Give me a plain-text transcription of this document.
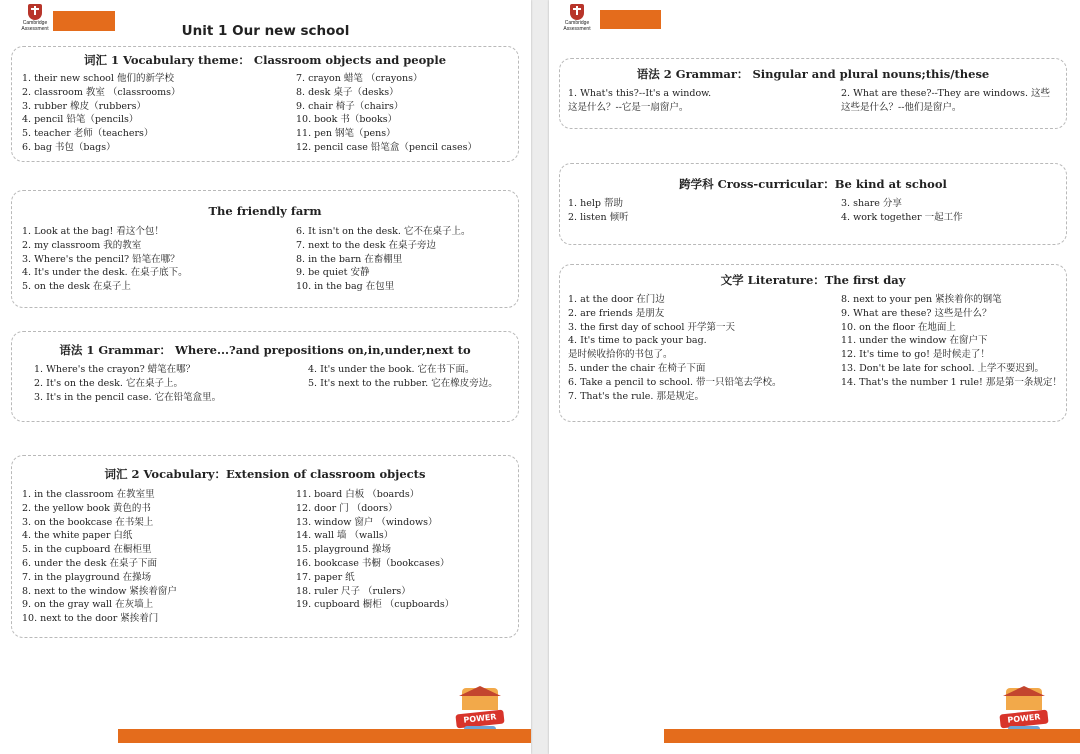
Cambridge
Assessment	Unit 1 Our new school
词汇 1 Vocabulary theme： Classroom objects and people
1. their new school 他们的新学校
2. classroom 教室 （classrooms）
3. rubber 橡皮（rubbers）
4. pencil 铅笔（pencils）
5. teacher 老师（teachers）
6. bag 书包（bags）
7. crayon 蜡笔 （crayons）
8. desk 桌子（desks）
9. chair 椅子（chairs）
10. book 书（books）
11. pen 钢笔（pens）
12. pencil case 铅笔盒（pencil cases）
The friendly farm
1. Look at the bag! 看这个包！
2. my classroom 我的教室
3. Where's the pencil? 铅笔在哪？
4. It's under the desk. 在桌子底下。
5. on the desk 在桌子上
6. It isn't on the desk. 它不在桌子上。
7. next to the desk 在桌子旁边
8. in the barn 在畜棚里
9. be quiet 安静
10. in the bag 在包里
语法 1 Grammar： Where...?and prepositions on,in,under,next to
1. Where's the crayon? 蜡笔在哪？
2. It's on the desk. 它在桌子上。
3. It's in the pencil case. 它在铅笔盒里。
4. It's under the book. 它在书下面。
5. It's next to the rubber. 它在橡皮旁边。
词汇 2 Vocabulary：Extension of classroom objects
1. in the classroom 在教室里
2. the yellow book 黄色的书
3. on the bookcase 在书架上
4. the white paper 白纸
5. in the cupboard 在橱柜里
6. under the desk 在桌子下面
7. in the playground 在操场
8. next to the window 紧挨着窗户
9. on the gray wall 在灰墙上
10. next to the door 紧挨着门
11. board 白板 （boards）
12. door 门 （doors）
13. window 窗户 （windows）
14. wall 墙 （walls）
15. playground 操场
16. bookcase 书橱（bookcases）
17. paper 纸
18. ruler 尺子 （rulers）
19. cupboard 橱柜 （cupboards）
POWER
Cambridge
Assessment
语法 2 Grammar： Singular and plural nouns;this/these
1. What's this?--It's a window.
这是什么？--它是一扇窗户。
2. What are these?--They are windows. 这些
这些是什么？--他们是窗户。
跨学科 Cross-curricular：Be kind at school
1. help 帮助
2. listen 倾听
3. share 分享
4. work together 一起工作
文学 Literature：The first day
1. at the door 在门边
2. are friends 是朋友
3. the first day of school 开学第一天
4. It's time to pack your bag.
是时候收拾你的书包了。
5. under the chair 在椅子下面
6. Take a pencil to school. 带一只铅笔去学校。
7. That's the rule. 那是规定。
8. next to your pen 紧挨着你的钢笔
9. What are these? 这些是什么？
10. on the floor 在地面上
11. under the window 在窗户下
12. It's time to go! 是时候走了！
13. Don't be late for school. 上学不要迟到。
14. That's the number 1 rule! 那是第一条规定！
POWER
